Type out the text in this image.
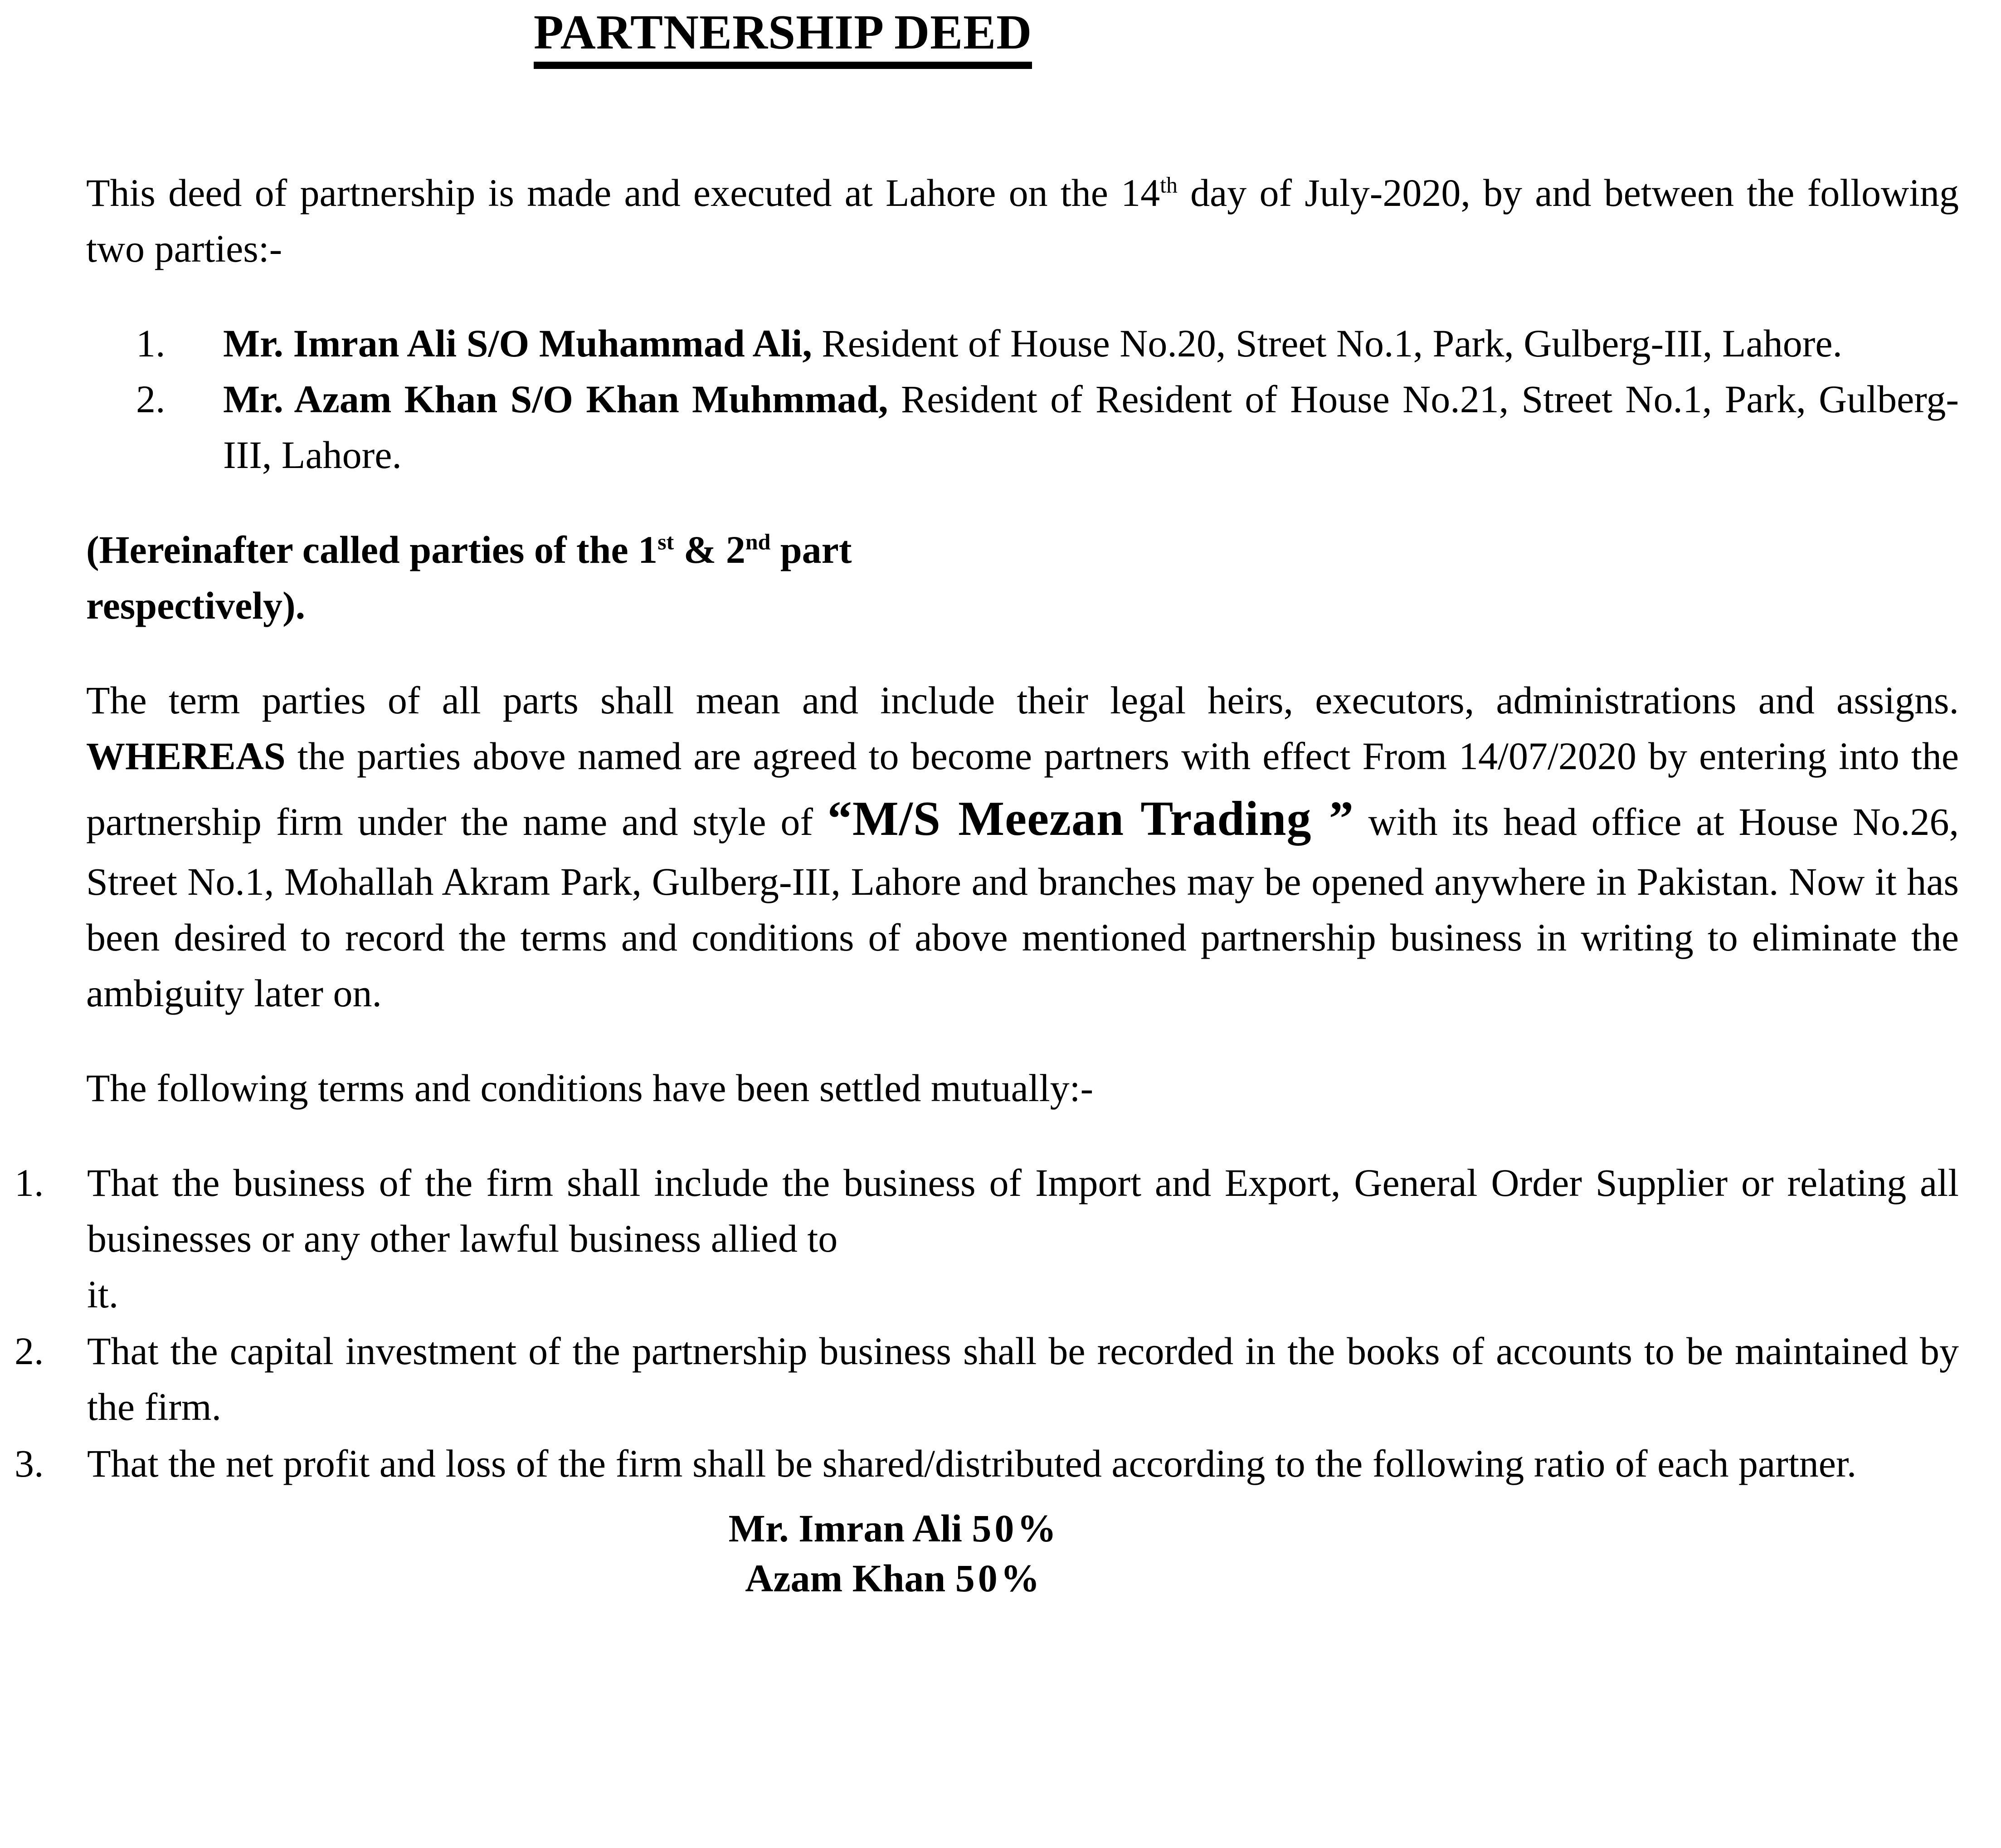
PARTNERSHIP DEED

This deed of partnership is made and executed at Lahore on the 14th day of July-2020, by and between the following two parties:-

1.	Mr. Imran Ali S/O Muhammad Ali, Resident of House No.20, Street No.1, Park, Gulberg-III, Lahore.
2.	Mr. Azam Khan S/O Khan Muhmmad, Resident of Resident of House No.21, Street No.1, Park, Gulberg-III, Lahore.

(Hereinafter called parties of the 1st & 2nd part
respectively).

The term parties of all parts shall mean and include their legal heirs, executors, administrations and assigns. WHEREAS the parties above named are agreed to become partners with effect From 14/07/2020 by entering into the partnership firm under the name and style of “M/S Meezan Trading ” with its head office at House No.26, Street No.1, Mohallah Akram Park, Gulberg-III, Lahore and branches may be opened anywhere in Pakistan. Now it has been desired to record the terms and conditions of above mentioned partnership business in writing to eliminate the ambiguity later on.

The following terms and conditions have been settled mutually:-

1.	That the business of the firm shall include the business of Import and Export, General Order Supplier or relating all businesses or any other lawful business allied to
it.
2.	That the capital investment of the partnership business shall be recorded in the books of accounts to be maintained by the firm.
3.	That the net profit and loss of the firm shall be shared/distributed according to the following ratio of each partner.
Mr. Imran Ali 50%
Azam Khan 50%
